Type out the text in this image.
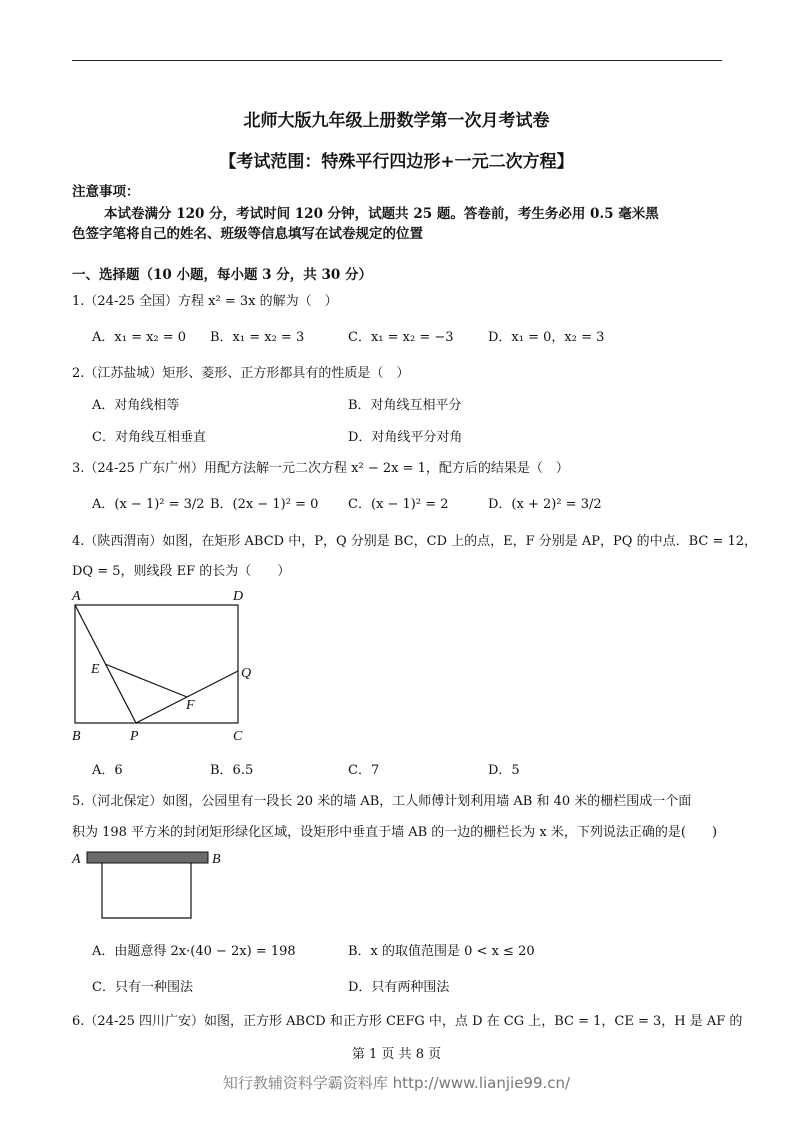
北师大版九年级上册数学第一次月考试卷
【考试范围：特殊平行四边形+一元二次方程】
注意事项：
本试卷满分 120 分，考试时间 120 分钟，试题共 25 题。答卷前，考生务必用 0.5 毫米黑
色签字笔将自己的姓名、班级等信息填写在试卷规定的位置
一、选择题（10 小题，每小题 3 分，共 30 分）
1.（24-25 全国）方程 x² = 3x 的解为（　）
A．x₁ = x₂ = 0 B．x₁ = x₂ = 3	C．x₁ = x₂ = −3	D．x₁ = 0，x₂ = 3
2.（江苏盐城）矩形、菱形、正方形都具有的性质是（　）
A．对角线相等	B．对角线互相平分
C．对角线互相垂直	D．对角线平分对角
3.（24-25 广东广州）用配方法解一元二次方程 x² − 2x = 1，配方后的结果是（　）
A．(x − 1)² = 3/2 B．(2x − 1)² = 0 C．(x − 1)² = 2	D．(x + 2)² = 3/2
4.（陕西渭南）如图，在矩形 ABCD 中，P，Q 分别是 BC，CD 上的点，E，F 分别是 AP，PQ 的中点．BC = 12，
DQ = 5，则线段 EF 的长为（　　）
A	D
E	Q
F
B	P	C
A．6	B．6.5	C．7	D．5
5.（河北保定）如图，公园里有一段长 20 米的墙 AB，工人师傅计划利用墙 AB 和 40 米的栅栏围成一个面
积为 198 平方米的封闭矩形绿化区域，设矩形中垂直于墙 AB 的一边的栅栏长为 x 米，下列说法正确的是(　　)
A	B
A．由题意得 2x·(40 − 2x) = 198	B．x 的取值范围是 0 < x ≤ 20
C．只有一种围法	D．只有两种围法
6.（24-25 四川广安）如图，正方形 ABCD 和正方形 CEFG 中，点 D 在 CG 上，BC = 1，CE = 3，H 是 AF 的
第 1 页 共 8 页
知行教辅资料学霸资料库 http://www.lianjie99.cn/
